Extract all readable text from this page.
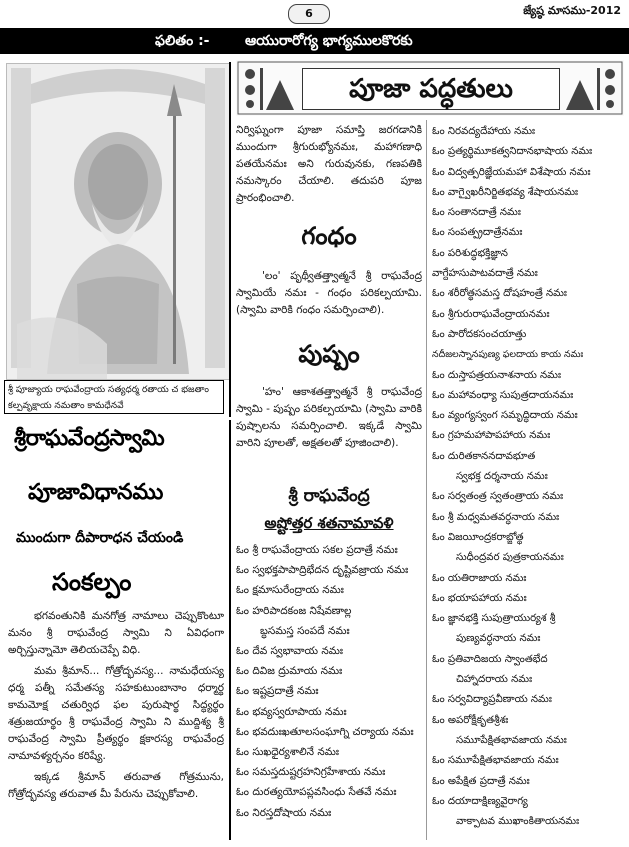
6	జ్యేష్ఠ మాసము-2012
ఫలితం :-	ఆయురారోగ్య భాగ్యములకొరకు
శ్రీ పూజ్యాయ రాఘవేంద్రాయ సత్యధర్మ రతాయ చ భజతాం కల్పవృక్షాయ నమతాం కామధేనవే
శ్రీరాఘవేంద్రస్వామి
పూజావిధానము
ముందుగా దీపారాధన చేయండి
సంకల్పం

భగవంతునికి మనగోత్ర నామాలు చెప్పుకొంటూ మనం శ్రీ రాఘవేంద్ర స్వామి ని ఏవిధంగా అర్చిస్తున్నామో తెలియచెప్పే విధి.

మమ శ్రీమాన్... గోత్రోద్భవస్య... నామధేయస్య ధర్మ పత్నీ సమేతస్య సహకుటుంబానాం ధర్మార్థ కామమోక్ష చతుర్విధ ఫల పురుషార్థ సిద్ధ్యర్థం శత్రుజయార్థం శ్రీ రాఘవేంద్ర స్వామి ని ముద్దిశ్య శ్రీ రాఘవేంద్ర స్వామి ప్రీత్యర్థం క్షకారస్య రాఘవేంద్ర నామావళ్యర్చనం కరిష్యే.

ఇక్కడ శ్రీమాన్ తరువాత గోత్రమును, గోత్రోద్భవస్య తరువాత మీ పేరును చెప్పుకోవాలి.

పూజా పద్ధతులు

నిర్విఘ్నంగా పూజా సమాప్తి జరగడానికి ముందుగా శ్రీగురుభ్యోనమః, మహాగణాధి పతయేనమః అని గురువునకు, గణపతికి నమస్కారం చేయాలి. తదుపరి పూజ ప్రారంభించాలి.

గంధం

'లం' పృథ్వీతత్త్వాత్మనే శ్రీ రాఘవేంద్ర స్వామియే నమః - గంధం పరికల్పయామి. (స్వామి వారికి గంధం సమర్పించాలి).

పుష్పం

'హం' ఆకాశతత్త్వాత్మనే శ్రీ రాఘవేంద్ర స్వామి - పుష్పం పరికల్పయామి (స్వామి వారికి పుష్పాలను సమర్పించాలి. ఇక్కడే స్వామి వారిని పూలతో, అక్షతలతో పూజించాలి).

శ్రీ రాఘవేంద్ర
అష్టోత్తర శతనామావళి
ఓం శ్రీ రాఘవేంద్రాయ సకల ప్రదాత్రే నమః
ఓం స్వభక్తపాపాద్రిభేదన దృష్టివజ్రాయ నమః
ఓం క్షమాసురేంద్రాయ నమః
ఓం హరిపాదకంజ నిషేవణాల్ల
బ్ధసమస్త సంపదే నమః
ఓం దేవ స్వభావాయ నమః
ఓం దివిజ ద్రుమాయ నమః
ఓం ఇష్టప్రదాత్రే నమః
ఓం భవ్యస్వరూపాయ నమః
ఓం భవదుఃఖతూలసంఘాగ్ని చర్యాయ నమః
ఓం సుఖధైర్యశాలినే నమః
ఓం సమస్తదుష్టగ్రహనిగ్రహేశాయ నమః
ఓం దురత్యయోపప్లవసింధు సేతవే నమః
ఓం నిరస్తదోషాయ నమః
ఓం నిరవద్యదేహాయ నమః
ఓం ప్రత్యర్థిమూకత్వనిదానభాషాయ నమః
ఓం విద్వత్పరిజ్ఞేయమహా విశేషాయ నమః
ఓం వాగ్వైఖరీనిర్జితభవ్య శేషాయనమః
ఓం సంతానదాత్రే నమః
ఓం సంపత్ప్రదాత్రేనమః
ఓం పరిశుద్ధభక్తిజ్ఞాన
వాగ్దేహసుపాటవదాత్రే నమః
ఓం శరీరోత్థసమస్త దోషహంత్రే నమః
ఓం శ్రీగురురాఘవేంద్రాయనమః
ఓం పారోదకసంచయాత్తు
నదీజలస్నానపుణ్య ఫలదాయ కాయ నమః
ఓం దుస్తాపత్రయనాశనాయ నమః
ఓం మహావంధ్యా సుపుత్రదాయనమః
ఓం వ్యంగ్యస్వంగ సమృద్ధిదాయ నమః
ఓం గ్రహమహాపాపహాయ నమః
ఓం దురితకాననదావభూత
స్వభక్త దర్శనాయ నమః
ఓం సర్వతంత్ర స్వతంత్రాయ నమః
ఓం శ్రీ మధ్వమతవర్ధనాయ నమః
ఓం విజయీంద్రకరాబ్జోత్థ
సుధీంద్రవర పుత్రకాయనమః
ఓం యతిరాజాయ నమః
ఓం భయాపహాయ నమః
ఓం జ్ఞానభక్తి సుపుత్రాయుర్యశ శ్రీ
పుణ్యవర్ధనాయ నమః
ఓం ప్రతివాదిజయ స్వాంతభేద
చిహ్నాదరాయ నమః
ఓం సర్వవిద్యాప్రవీణాయ నమః
ఓం అపరోక్షీకృతశ్రీశః
సమూపేక్షితభావజాయ నమః
ఓం సమూపేక్షితభావజాయ నమః
ఓం అపేక్షిత ప్రదాత్రే నమః
ఓం దయాదాక్షిణ్యవైరాగ్య
వాక్పాటవ ముఖాంకితాయనమః
